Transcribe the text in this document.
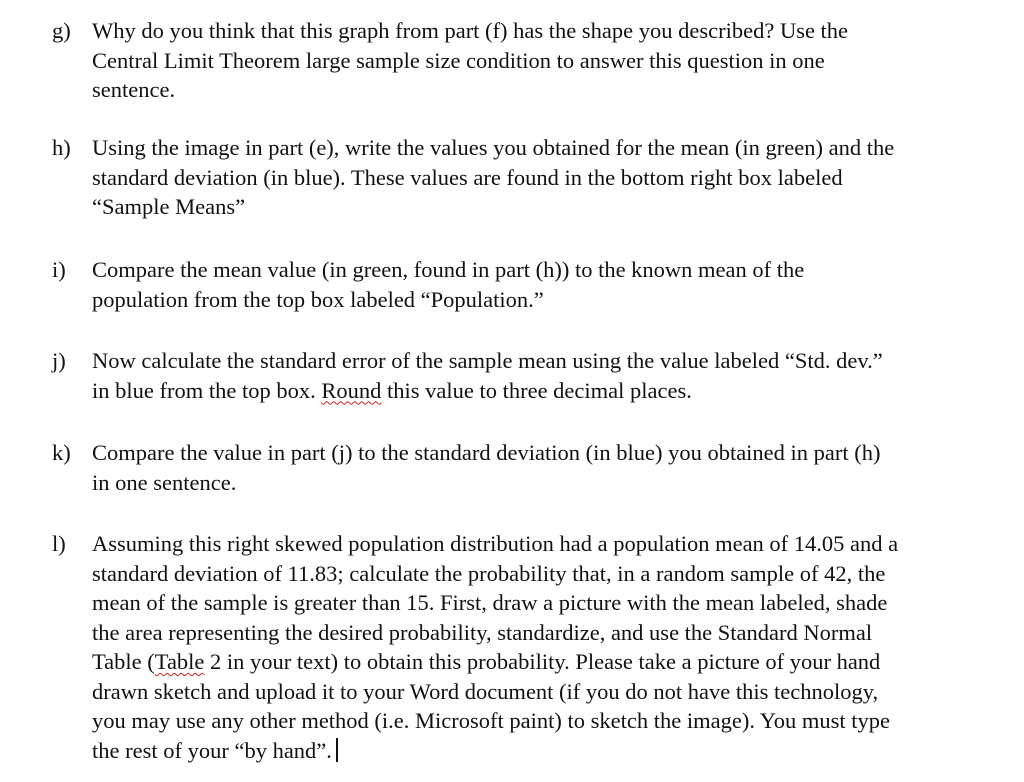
g) Why do you think that this graph from part (f) has the shape you described? Use the
Central Limit Theorem large sample size condition to answer this question in one
sentence.
h) Using the image in part (e), write the values you obtained for the mean (in green) and the
standard deviation (in blue). These values are found in the bottom right box labeled
“Sample Means”
i)	Compare the mean value (in green, found in part (h)) to the known mean of the
population from the top box labeled “Population.”
j)	Now calculate the standard error of the sample mean using the value labeled “Std. dev.”
in blue from the top box. Round this value to three decimal places.
k) Compare the value in part (j) to the standard deviation (in blue) you obtained in part (h)
in one sentence.
l)	Assuming this right skewed population distribution had a population mean of 14.05 and a
standard deviation of 11.83; calculate the probability that, in a random sample of 42, the
mean of the sample is greater than 15. First, draw a picture with the mean labeled, shade
the area representing the desired probability, standardize, and use the Standard Normal
Table (Table 2 in your text) to obtain this probability. Please take a picture of your hand
drawn sketch and upload it to your Word document (if you do not have this technology,
you may use any other method (i.e. Microsoft paint) to sketch the image). You must type
the rest of your “by hand”.
